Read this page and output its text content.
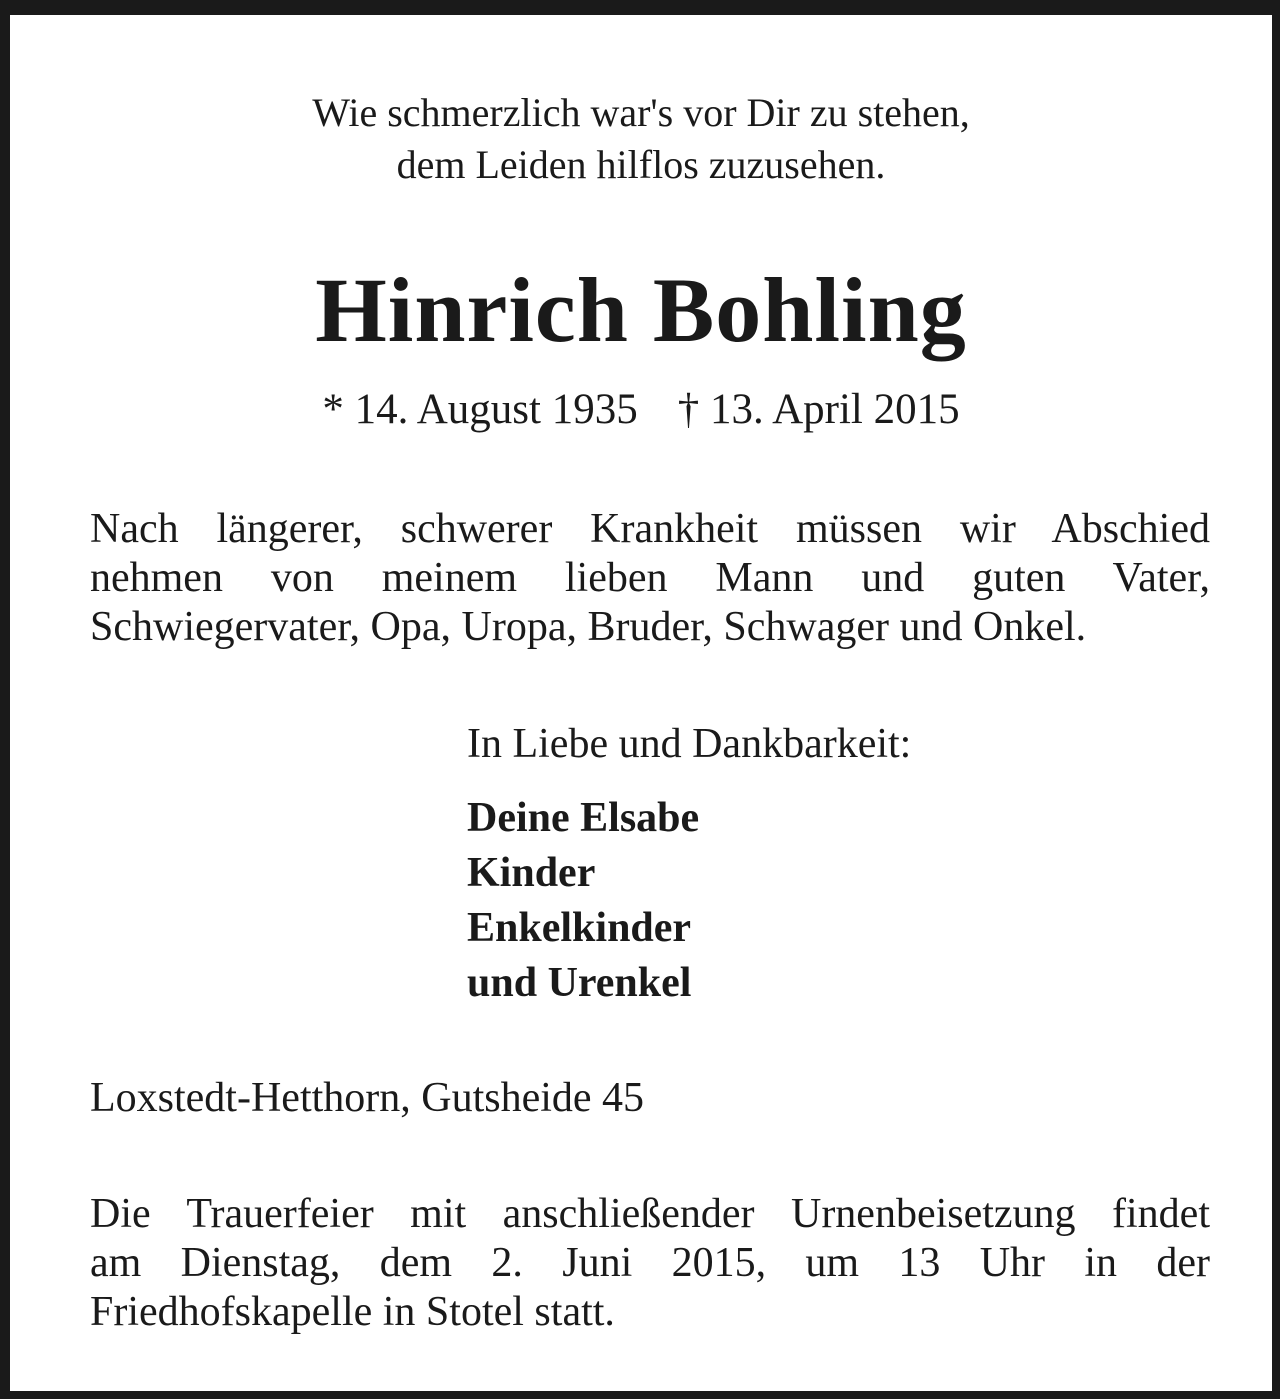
Wie schmerzlich war's vor Dir zu stehen,
dem Leiden hilflos zuzusehen.
Hinrich Bohling
* 14. August 1935 † 13. April 2015
Nach längerer, schwerer Krankheit müssen wir Abschied
nehmen von meinem lieben Mann und guten Vater,
Schwiegervater, Opa, Uropa, Bruder, Schwager und Onkel.
In Liebe und Dankbarkeit:
Deine Elsabe
Kinder
Enkelkinder
und Urenkel
Loxstedt-Hetthorn, Gutsheide 45
Die Trauerfeier mit anschließender Urnenbeisetzung findet
am Dienstag, dem 2. Juni 2015, um 13 Uhr in der
Friedhofskapelle in Stotel statt.
